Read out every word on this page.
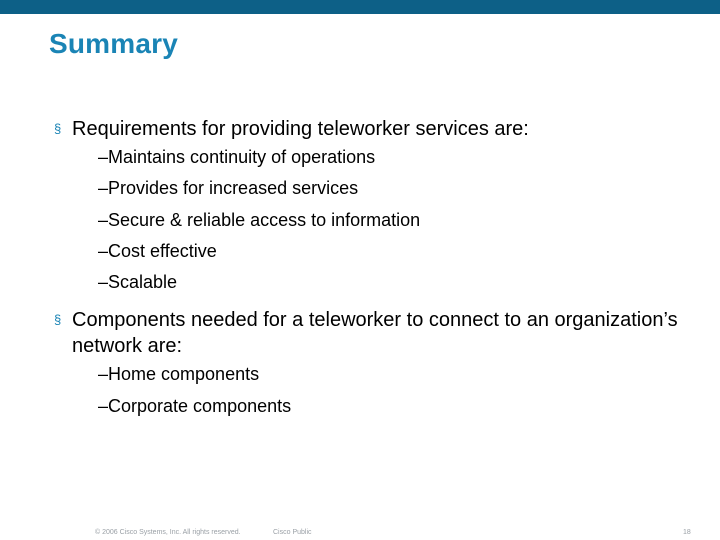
Summary
§ Requirements for providing teleworker services are:
–Maintains continuity of operations
–Provides for increased services
–Secure & reliable access to information
–Cost effective
–Scalable
§ Components needed for a teleworker to connect to an organization’s network are:
–Home components
–Corporate components
© 2006 Cisco Systems, Inc. All rights reserved.	Cisco Public	18
